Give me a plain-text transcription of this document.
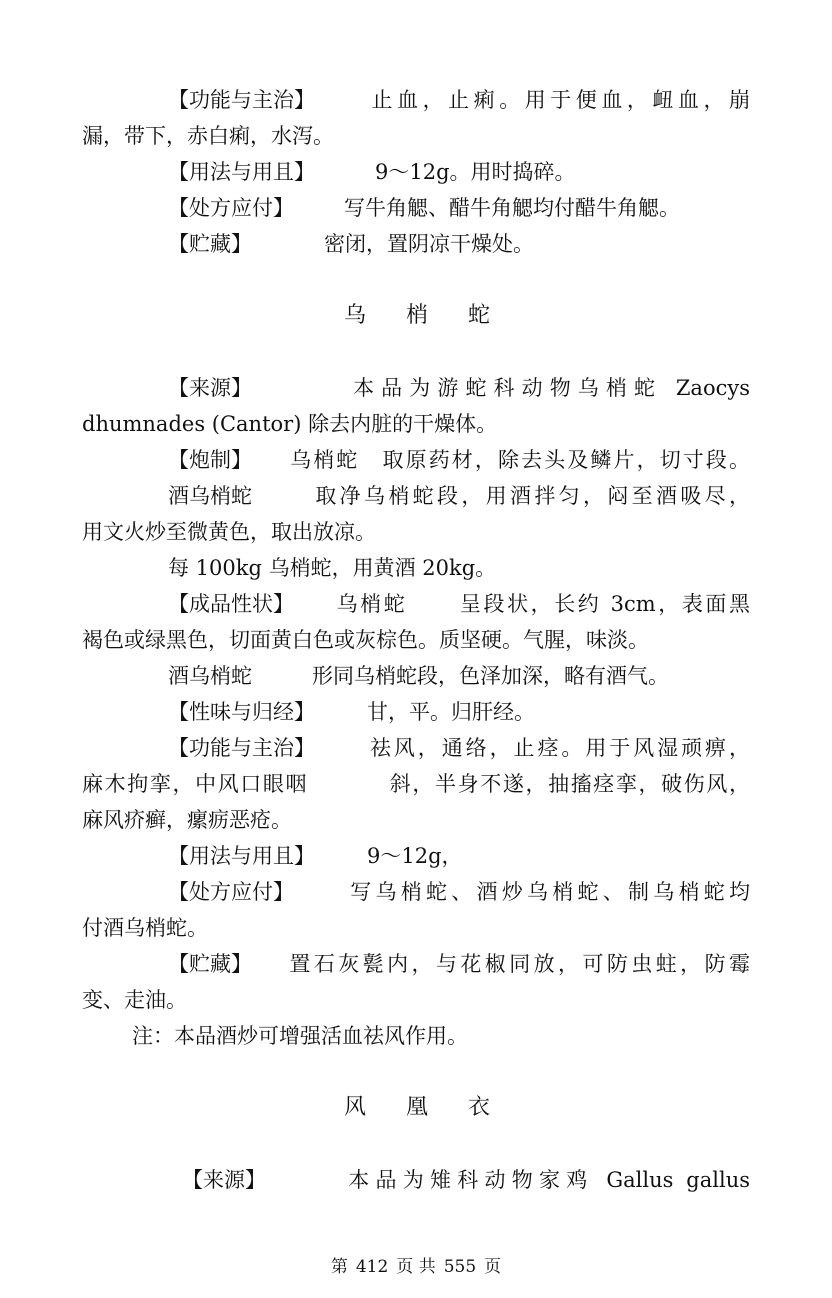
【功能与主治】 止血，止痢。用于便血，衄血，崩
漏，带下，赤白痢，水泻。
【用法与用且】	9～12g。用时捣碎。
【处方应付】 写牛角䚡、醋牛角䚡均付醋牛角䚡。
【贮藏】	密闭，置阴凉干燥处。
乌 梢 蛇
【来源】	本品为游蛇科动物乌梢蛇 Zaocys
dhumnades (Cantor) 除去内脏的干燥体。
【炮制】 乌梢蛇　取原药材，除去头及鳞片，切寸段。
酒乌梢蛇	取净乌梢蛇段，用酒拌匀，闷至酒吸尽，
用文火炒至微黄色，取出放凉。
每 100kg 乌梢蛇，用黄酒 20kg。
【成品性状】 乌梢蛇 呈段状，长约 3cm，表面黑
褐色或绿黑色，切面黄白色或灰棕色。质坚硬。气腥，味淡。
酒乌梢蛇	形同乌梢蛇段，色泽加深，略有酒气。
【性味与归经】 甘，平。归肝经。
【功能与主治】 祛风，通络，止痉。用于风湿顽痹，
麻木拘挛，中风口眼咽	斜，半身不遂，抽搐痉挛，破伤风，
麻风疥癣，瘰疬恶疮。
【用法与用且】 9～12g，
【处方应付】 写乌梢蛇、酒炒乌梢蛇、制乌梢蛇均
付酒乌梢蛇。
【贮藏】 置石灰甏内，与花椒同放，可防虫蛀，防霉
变、走油。
注：本品酒炒可增强活血祛风作用。
风 凰 衣
【来源】	本品为雉科动物家鸡 Gallus gallus
第 412 页 共 555 页
